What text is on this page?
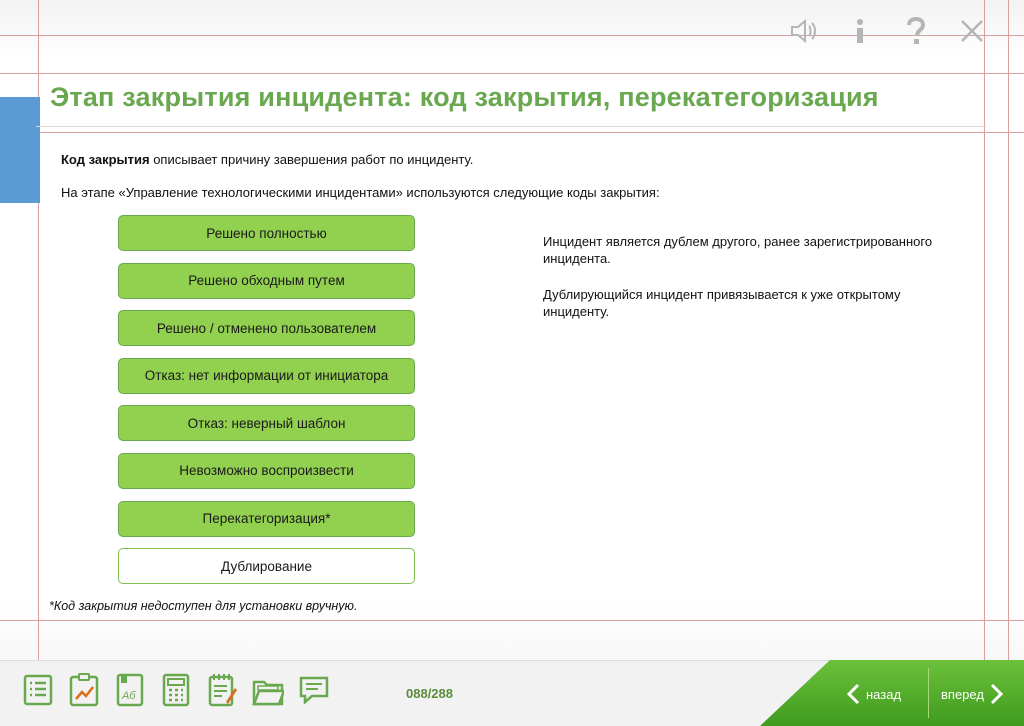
Этап закрытия инцидента: код закрытия, перекатегоризация

Код закрытия описывает причину завершения работ по инциденту.

На этапе «Управление технологическими инцидентами» используются следующие коды закрытия:

Решено полностью
Решено обходным путем
Решено / отменено пользователем
Отказ: нет информации от инициатора
Отказ: неверный шаблон
Невозможно воспроизвести
Перекатегоризация*
Дублирование

Инцидент является дублем другого, ранее зарегистрированного инцидента.

Дублирующийся инцидент привязывается к уже открытому инциденту.

*Код закрытия недоступен для установки вручную.

Аб	088/288	назад	вперед
